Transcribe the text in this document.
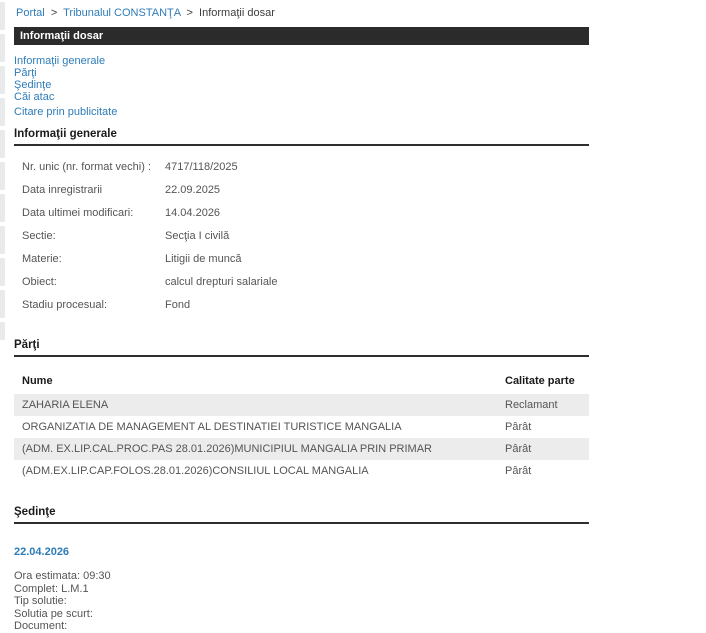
Portal > Tribunalul CONSTANŢA > Informaţii dosar
Informaţii dosar
Informaţii generale
Părţi
Şedinţe
Căi atac
Citare prin publicitate
Informaţii generale
Nr. unic (nr. format vechi) :	4717/118/2025
Data inregistrarii	22.09.2025
Data ultimei modificari:	14.04.2026
Sectie:	Secţia I civilă
Materie:	Litigii de muncă
Obiect:	calcul drepturi salariale
Stadiu procesual:	Fond
Părţi
Nume	Calitate parte
ZAHARIA ELENA	Reclamant
ORGANIZATIA DE MANAGEMENT AL DESTINATIEI TURISTICE MANGALIA	Pârât
(ADM. EX.LIP.CAL.PROC.PAS 28.01.2026)MUNICIPIUL MANGALIA PRIN PRIMAR	Pârât
(ADM.EX.LIP.CAP.FOLOS.28.01.2026)CONSILIUL LOCAL MANGALIA	Pârât
Şedinţe
22.04.2026
Ora estimata: 09:30
Complet: L.M.1
Tip solutie:
Solutia pe scurt:
Document:
